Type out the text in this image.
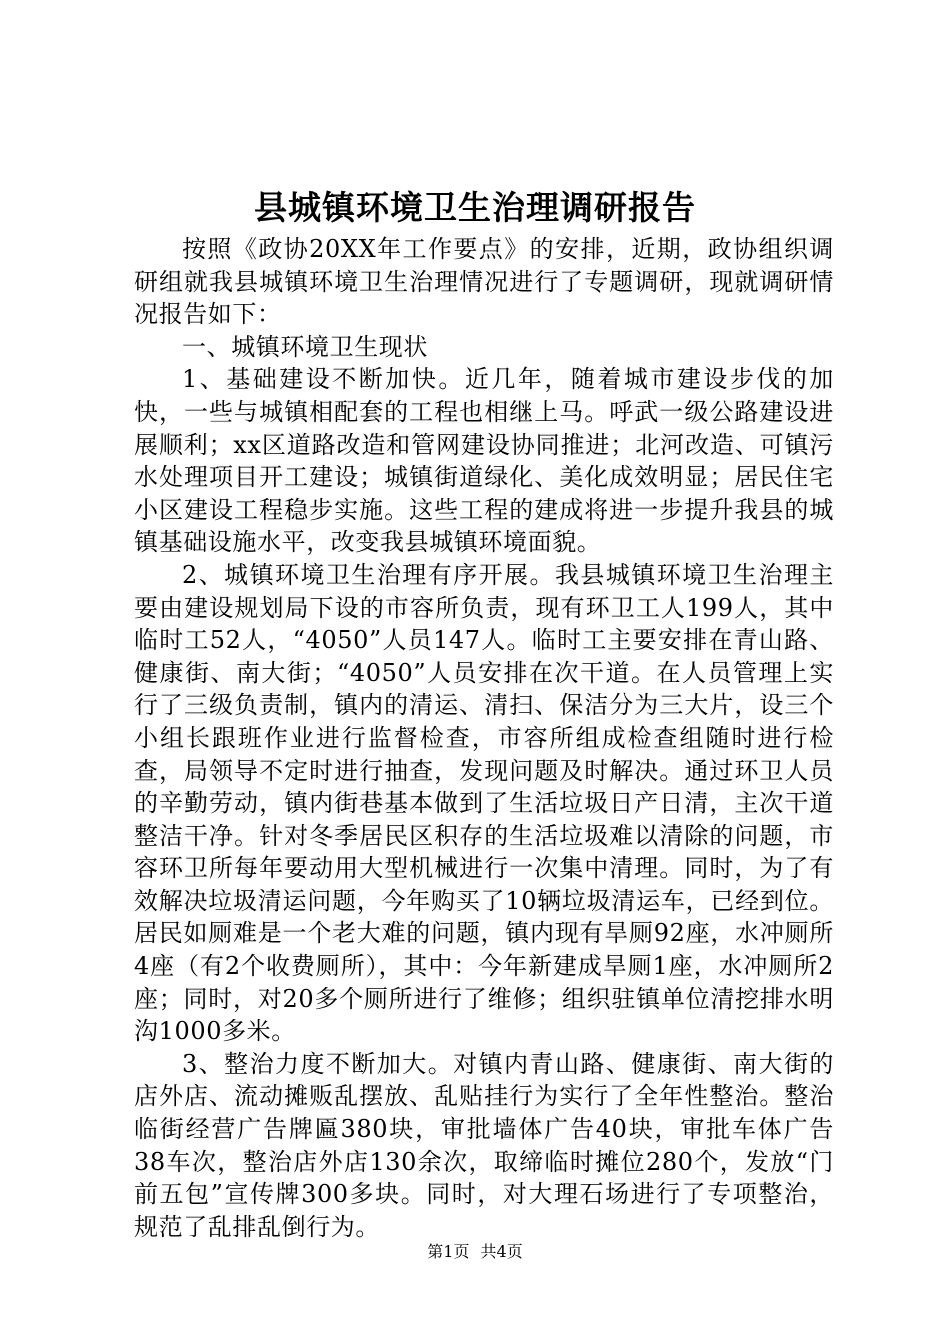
县城镇环境卫生治理调研报告

按照《政协20XX年工作要点》的安排，近期，政协组织调研组就我县城镇环境卫生治理情况进行了专题调研，现就调研情况报告如下：

一、城镇环境卫生现状

1、基础建设不断加快。近几年，随着城市建设步伐的加快，一些与城镇相配套的工程也相继上马。呼武一级公路建设进展顺利；xx区道路改造和管网建设协同推进；北河改造、可镇污水处理项目开工建设；城镇街道绿化、美化成效明显；居民住宅小区建设工程稳步实施。这些工程的建成将进一步提升我县的城镇基础设施水平，改变我县城镇环境面貌。

2、城镇环境卫生治理有序开展。我县城镇环境卫生治理主要由建设规划局下设的市容所负责，现有环卫工人199人，其中临时工52人，“4050”人员147人。临时工主要安排在青山路、健康街、南大街；“4050”人员安排在次干道。在人员管理上实行了三级负责制，镇内的清运、清扫、保洁分为三大片，设三个小组长跟班作业进行监督检查，市容所组成检查组随时进行检查，局领导不定时进行抽查，发现问题及时解决。通过环卫人员的辛勤劳动，镇内街巷基本做到了生活垃圾日产日清，主次干道整洁干净。针对冬季居民区积存的生活垃圾难以清除的问题，市容环卫所每年要动用大型机械进行一次集中清理。同时，为了有效解决垃圾清运问题，今年购买了10辆垃圾清运车，已经到位。居民如厕难是一个老大难的问题，镇内现有旱厕92座，水冲厕所4座（有2个收费厕所），其中：今年新建成旱厕1座，水冲厕所2座；同时，对20多个厕所进行了维修；组织驻镇单位清挖排水明沟1000多米。

3、整治力度不断加大。对镇内青山路、健康街、南大街的店外店、流动摊贩乱摆放、乱贴挂行为实行了全年性整治。整治临街经营广告牌匾380块，审批墙体广告40块，审批车体广告38车次，整治店外店130余次，取缔临时摊位280个，发放“门前五包”宣传牌300多块。同时，对大理石场进行了专项整治，规范了乱排乱倒行为。

第1页 共4页
